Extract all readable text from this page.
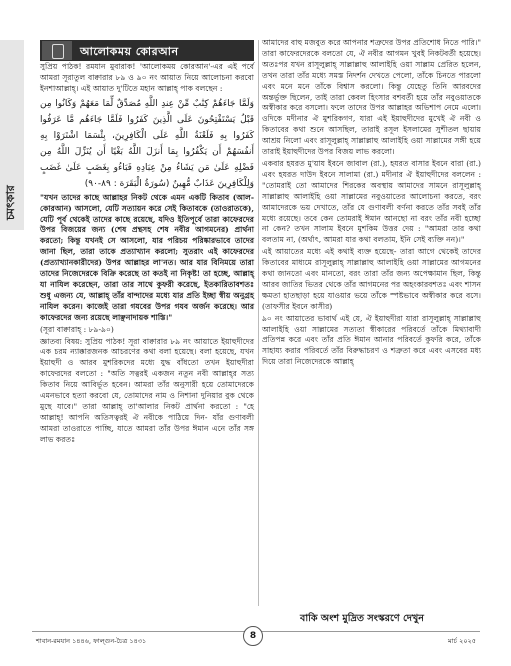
চমৎকার
আলোকময় কোরআন

সুপ্রিয় পাঠক! রমযান মুবারাক! 'আলোকময় কোরআন'-এর এই পর্বে আমরা সূরাতুল বাক্বারার ৮৯ ও ৯০ নং আয়াত নিয়ে আলোচনা করবো ইনশাআল্লাহ্‌। এই আয়াত দু'টিতে মহান আল্লাহ্‌ পাক বলছেন :

وَلَمَّا جَاءَهُمْ كِتَٰبٌ مِّنْ عِندِ اللَّهِ مُصَدِّقٌ لِّمَا مَعَهُمْ وَكَانُوا مِن قَبْلُ يَسْتَفْتِحُونَ عَلَى الَّذِينَ كَفَرُوا فَلَمَّا جَاءَهُم مَّا عَرَفُوا كَفَرُوا بِهِ فَلَعْنَةُ اللَّهِ عَلَى الْكَافِرِينَ، بِئْسَمَا اشْتَرَوْا بِهِ أَنفُسَهُمْ أَن يَكْفُرُوا بِمَا أَنزَلَ اللَّهُ بَغْيًا أَن يُنَزِّلَ اللَّهُ مِن فَضْلِهِ عَلَىٰ مَن يَشَاءُ مِنْ عِبَادِهِ فَبَاءُو بِغَضَبٍ عَلَىٰ غَضَبٍ وَلِلْكَافِرِينَ عَذَابٌ مُّهِينٌ (سُورَةُ الْبَقَرَة : ٨٩-٩٠)

"যখন তাদের কাছে আল্লাহর নিকট থেকে এমন একটি কিতাব (আল-কোরআন) আসলো, যেটি সত্যায়ন করে সেই কিতাবকে (তাওরাতকে), যেটি পূর্ব থেকেই তাদের কাছে রয়েছে, যদিও ইতিপূর্বে তারা কাফেরদের উপর বিজয়ের জন্য (শেষ প্রন্থসহ শেষ নবীর আগমনের) প্রার্থনা করতো; কিন্তু যখনই সে আসলো, যার পরিচয় পরিষ্কারভাবে তাদের জানা ছিল, তারা তাকে প্রত্যাখ্যান করলো; সুতরাং এই কাফেরদের (প্রত্যাখ্যানকারীদের) উপর আল্লাহর লা'নত। আর যার বিনিময়ে তারা তাদের নিজেদেরকে বিক্রি করেছে তা কতই না নিকৃষ্ট! তা হচ্ছে, আল্লাহ্‌ যা নাযিল করেছেন, তারা তার সাথে কুফরী করেছে, ইতকারিতাবশতঃ শুধু এজন্য যে, আল্লাহ্‌ তাঁর বান্দাদের মধ্যে যার প্রতি ইচ্ছা স্বীয় অনুগ্রহ নাযিল করেন। কাজেই তারা গযবের উপর গযব অর্জন করেছে। আর কাফেরদের জন্য রয়েছে লাঞ্ছনাদায়ক শাস্তি।"

(সূরা বাক্বারাহ্‌ : ৮৯-৯০)

জ্ঞাতব্য বিষয়: সুপ্রিয় পাঠক! সূরা বাক্বারার ৮৯ নং আয়াতে ইয়াহুদীদের এক চরম ন্যাক্কারজনক আচরণের কথা বলা হয়েছে। বলা হয়েছে, যখন ইয়াহুদী ও আরব মুশরিকদের মধ্যে যুদ্ধ বাঁধতো তখন ইয়াহুদীরা কাফেরদের বলতো : "অতি সত্বরই একজন নতুন নবী আল্লাহ্‌র সত্য কিতাব নিয়ে আবির্ভূত হবেন। আমরা তাঁর অনুসারী হয়ে তোমাদেরকে এমনভাবে হত্যা করবো যে, তোমাদের নাম ও নিশানা দুনিয়ার বুক থেকে মুছে যাবে।" তারা আল্লাহ্‌ তা'আলার নিকট প্রার্থনা করতো : "হে আল্লাহ্‌! আপনি অতিসত্বরই ঐ নবীকে পাঠিয়ে দিন- যাঁর গুণাবলী আমরা তাওরাতে পাচ্ছি, যাতে আমরা তাঁর উপর ঈমান এনে তাঁর সঙ্গ লাভ করতঃ

আমাদের বাহু মজবুত করে আপনার শত্রুদের উপর প্রতিশোধ নিতে পারি।" তারা কাফেরদেরকে বলতো যে, ঐ নবীর আগমন খুবই নিকটবর্তী হয়েছে। অতঃপর যখন রাসূলুল্লাহ্‌ সাল্লাল্লাহু আলাইহি ওয়া সাল্লাম প্রেরিত হলেন, তখন তারা তাঁর মধ্যে সমস্ত নিদর্শন দেখতে পেলো, তাঁকে চিনতে পারলো এবং মনে মনে তাঁকে বিশ্বাস করলো। কিন্তু যেহেতু তিনি আরবদের অন্তর্ভুক্ত ছিলেন, তাই তারা কেবল হিংসার বশবর্তী হয়ে তাঁর নবুওয়াতকে অস্বীকার করে বসলো। ফলে তাদের উপর আল্লাহর অভিশাপ নেমে এলো। ওদিকে মদীনার ঐ মুশরিকগণ, যারা এই ইয়াহুদীদের মুখেই ঐ নবী ও কিতাবের কথা শুনে আসছিল, তারাই রসূল ইসলামের সুশীতল ছায়ায় আশ্রয় নিলো এবং রাসূলুল্লাহ্‌ সাল্লাল্লাহু আলাইহি ওয়া সাল্লামের সঙ্গী হয়ে তারাই ইয়াহুদীদের উপর বিজয় লাভ করলো।

একবার হযরত মু'য়ায ইবনে জাবাল (রা.), হযরত বাসার ইবনে বারা (রা.) এবং হযরত দাউদ ইবনে সালামা (রা.) মদীনার ঐ ইয়াহুদীদের বললেন : "তোমরাই তো আমাদের শিরকের অবস্থায় আমাদের সামনে রাসূলুল্লাহ্‌ সাল্লাল্লাহু আলাইহি ওয়া সাল্লামের নবুওয়াতের আলোচনা করতে, বরং আমাদেরকে ভয় দেখাতে, তাঁর যে গুণাবলী বর্ণনা করতে তাঁর সবই তাঁর মধ্যে রয়েছে। তবে কেন তোমরাই ঈমান আনছো না বরং তাঁর নবী হচ্ছো না কেন? তখন সালাম ইবনে মুশকিম উত্তর দেয় : "আমরা তার কথা বলতাম না, (অর্থাৎ, আমরা যার কথা বলতাম, ইনি সেই ব্যক্তি নন)।"

এই আয়াতের মধ্যে এই কথাই ব্যক্ত হয়েছে- তারা আগে থেকেই তাদের কিতাবের মাধ্যমে রাসূলুল্লাহ্‌ সাল্লাল্লাহু আলাইহি ওয়া সাল্লামের আগমনের কথা জানতো এবং মানতো, বরং তারা তাঁর জন্য অপেক্ষামান ছিল, কিন্তু আরব জাতির ভিতর থেকে তাঁর আগমনের পর অহংকারবশতঃ এবং শাসন ক্ষমতা হাতছাড়া হয়ে যাওয়ার ভয়ে তাঁকে স্পষ্টভাবে অস্বীকার করে বসে। (তাফসীর ইবনে কাসীর)

৯০ নং আয়াতের ভাবার্থ এই যে, ঐ ইয়াহুদীরা যারা রাসূলুল্লাহ্‌ সাল্লাল্লাহু আলাইহি ওয়া সাল্লামের সত্যতা স্বীকারের পরিবর্তে তাঁকে মিথ্যাবাদী প্রতিপন্ন করে এবং তাঁর প্রতি ঈমান আনার পরিবর্তে কুফরি করে, তাঁকে সাহায্য করার পরিবর্তে তাঁর বিরুদ্ধাচরণ ও শত্রুতা করে এবং এসবের মধ্য দিয়ে তারা নিজেদেরকে আল্লাহ্‌

বাকি অংশ মুদ্রিত সংস্করণে দেখুন
শাবান-রমযান ১৪৪৬, ফাল্গুন-চৈত্র ১৪৩১	মার্চ ২০২৫
8
